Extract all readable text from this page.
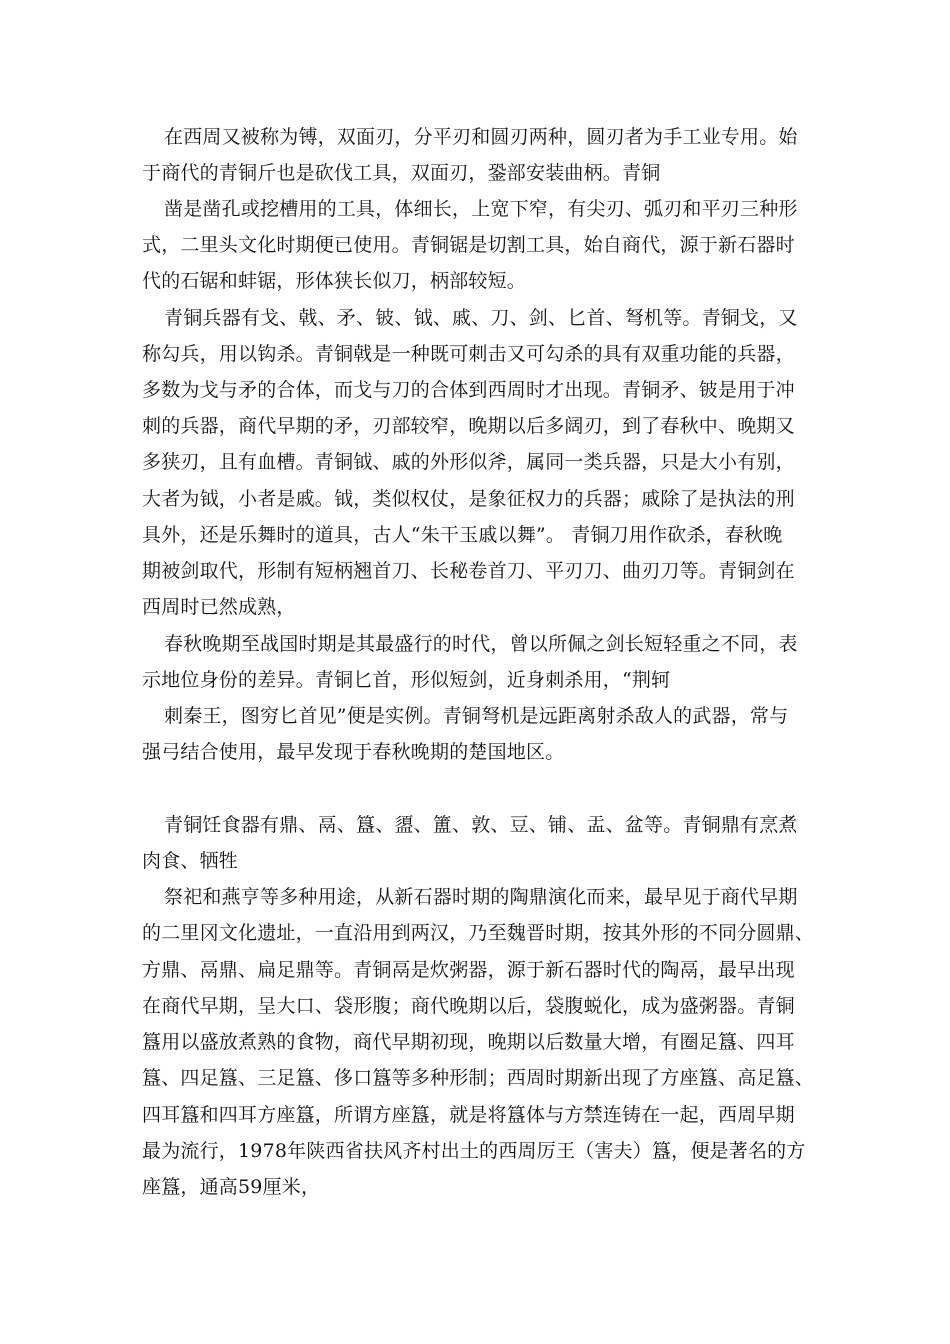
在西周又被称为镈，双面刃，分平刃和圆刃两种，圆刃者为手工业专用。始
于商代的青铜斤也是砍伐工具，双面刃，銎部安装曲柄。青铜
凿是凿孔或挖槽用的工具，体细长，上宽下窄，有尖刃、弧刃和平刃三种形
式，二里头文化时期便已使用。青铜锯是切割工具，始自商代，源于新石器时
代的石锯和蚌锯，形体狭长似刀，柄部较短。
青铜兵器有戈、戟、矛、铍、钺、戚、刀、剑、匕首、弩机等。青铜戈，又
称勾兵，用以钩杀。青铜戟是一种既可刺击又可勾杀的具有双重功能的兵器，
多数为戈与矛的合体，而戈与刀的合体到西周时才出现。青铜矛、铍是用于冲
刺的兵器，商代早期的矛，刃部较窄，晚期以后多阔刃，到了春秋中、晚期又
多狭刃，且有血槽。青铜钺、戚的外形似斧，属同一类兵器，只是大小有别，
大者为钺，小者是戚。钺，类似权仗，是象征权力的兵器；戚除了是执法的刑
具外，还是乐舞时的道具，古人“朱干玉戚以舞”。 青铜刀用作砍杀，春秋晚
期被剑取代，形制有短柄翘首刀、长秘卷首刀、平刃刀、曲刃刀等。青铜剑在
西周时已然成熟，
春秋晚期至战国时期是其最盛行的时代，曾以所佩之剑长短轻重之不同，表
示地位身份的差异。青铜匕首，形似短剑，近身刺杀用，“荆轲
刺秦王，图穷匕首见”便是实例。青铜弩机是远距离射杀敌人的武器，常与
强弓结合使用，最早发现于春秋晚期的楚国地区。
青铜饪食器有鼎、鬲、簋、盨、簠、敦、豆、铺、盂、盆等。青铜鼎有烹煮
肉食、牺牲
祭祀和燕亨等多种用途，从新石器时期的陶鼎演化而来，最早见于商代早期
的二里冈文化遗址，一直沿用到两汉，乃至魏晋时期，按其外形的不同分圆鼎、
方鼎、鬲鼎、扁足鼎等。青铜鬲是炊粥器，源于新石器时代的陶鬲，最早出现
在商代早期，呈大口、袋形腹；商代晚期以后，袋腹蜕化，成为盛粥器。青铜
簋用以盛放煮熟的食物，商代早期初现，晚期以后数量大增，有圈足簋、四耳
簋、四足簋、三足簋、侈口簋等多种形制；西周时期新出现了方座簋、高足簋、
四耳簋和四耳方座簋，所谓方座簋，就是将簋体与方禁连铸在一起，西周早期
最为流行，1978年陕西省扶风齐村出土的西周厉王（害夫）簋，便是著名的方
座簋，通高59厘米，
